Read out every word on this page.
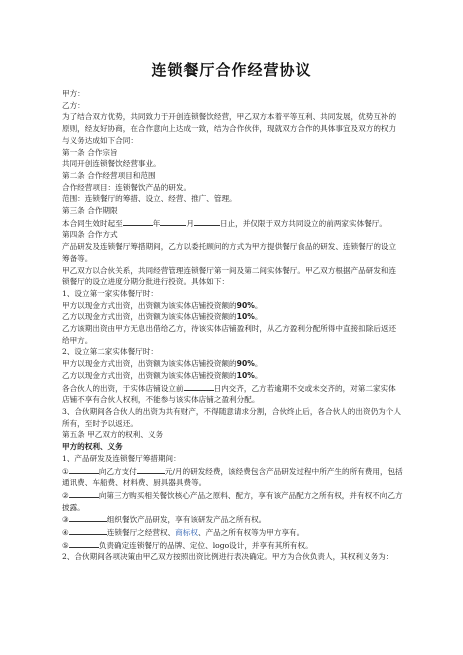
连锁餐厅合作经营协议

甲方：

乙方：

为了结合双方优势，共同致力于开创连锁餐饮经营，甲乙双方本着平等互利、共同发展，优势互补的原则，经友好协商，在合作意向上达成一致，结为合作伙伴，现就双方合作的具体事宜及双方的权力与义务达成如下合同：

第一条 合作宗旨

共同开创连锁餐饮经营事业。

第二条 合作经营项目和范围

合作经营项目：连锁餐饮产品的研发。

范围：连锁餐厅的筹措、设立、经营、推广、管理。

第三条 合作期限

本合同生效时起至	年	月	日止，并仅限于双方共同设立的前两家实体餐厅。

第四条 合作方式

产品研发及连锁餐厅筹措期间，乙方以委托顾问的方式为甲方提供餐厅食品的研发、连锁餐厅的设立筹备等。

甲乙双方以合伙关系，共同经营管理连锁餐厅第一间及第二间实体餐厅。甲乙双方根据产品研发和连锁餐厅的设立进度分期分批进行投资。具体如下：

1、设立第一家实体餐厅时：

甲方以现金方式出资，出资额为该实体店铺投资额的90%。

乙方以现金方式出资，出资额为该实体店铺投资额的10%。

乙方该期出资由甲方无息出借给乙方，待该实体店铺盈利时，从乙方盈利分配所得中直接扣除后返还给甲方。

2、设立第二家实体餐厅时：

甲方以现金方式出资，出资额为该实体店铺投资额的90%。

乙方以现金方式出资，出资额为该实体店铺投资额的10%。

各合伙人的出资，于实体店铺设立前	日内交齐，乙方若逾期不交或未交齐的，对第二家实体店铺不享有合伙人权利，不能参与该实体店铺之盈利分配。

3、合伙期间各合伙人的出资为共有财产，不得随意请求分割，合伙终止后，各合伙人的出资仍为个人所有，至时予以返还。

第五条 甲乙双方的权利、义务

甲方的权利、义务

1、产品研发及连锁餐厅筹措期间：

①	向乙方支付	元/月的研发经费，该经费包含产品研发过程中所产生的所有费用，包括通讯费、车船费、材料费、厨具器具费等。

②	向第三方购买相关餐饮核心产品之原料、配方，享有该产品配方之所有权，并有权不向乙方披露。

③	组织餐饮产品研发，享有该研发产品之所有权。

④	连锁餐厅之经营权、商标权、产品之所有权等为甲方享有。

⑤	负责确定连锁餐厅的品牌、定位、logo设计，并享有其所有权。

2、合伙期间各项决策由甲乙双方按照出资比例进行表决确定。甲方为合伙负责人，其权利义务为：
